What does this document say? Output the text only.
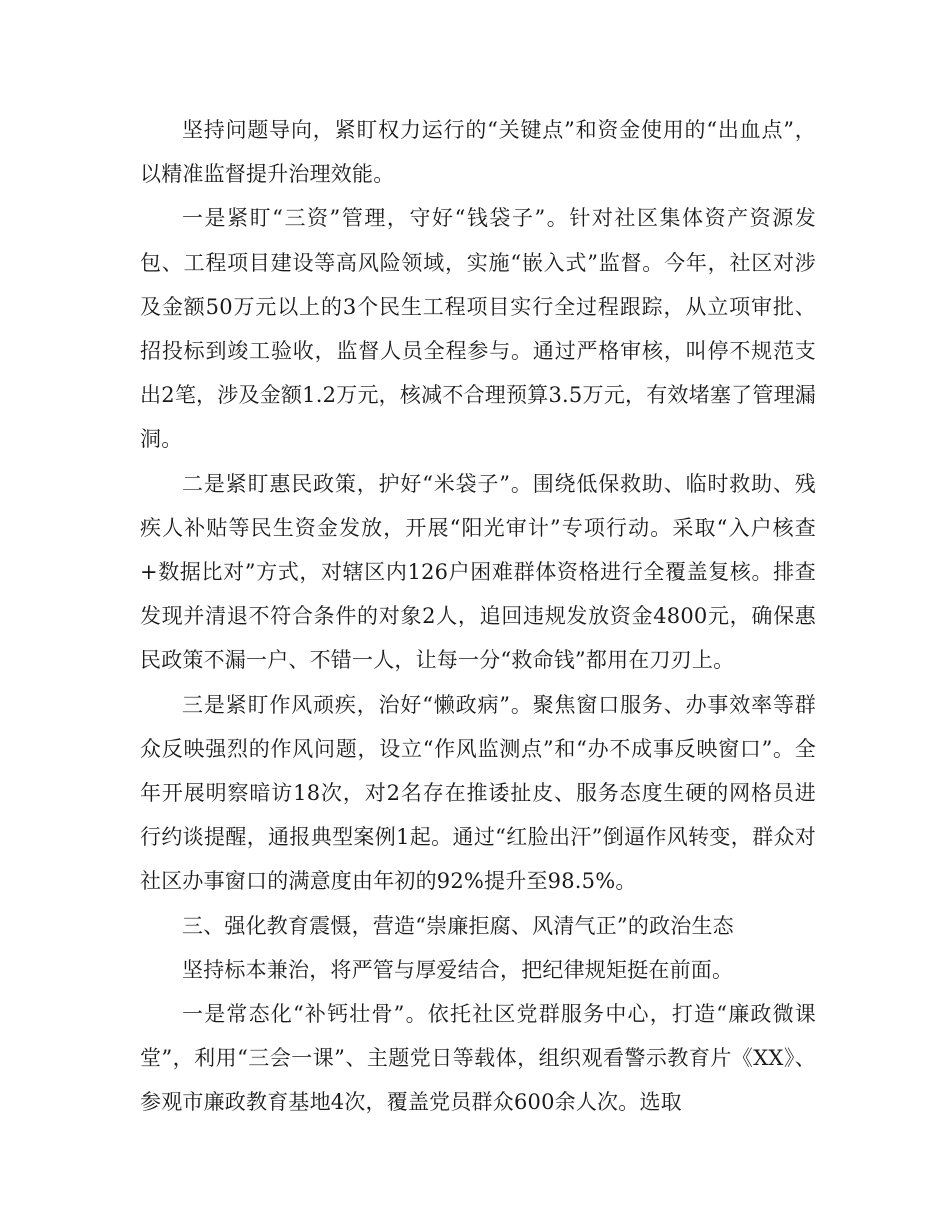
坚持问题导向，紧盯权力运行的“关键点”和资金使用的“出血点”，以精准监督提升治理效能。

一是紧盯“三资”管理，守好“钱袋子”。针对社区集体资产资源发包、工程项目建设等高风险领域，实施“嵌入式”监督。今年，社区对涉及金额50万元以上的3个民生工程项目实行全过程跟踪，从立项审批、招投标到竣工验收，监督人员全程参与。通过严格审核，叫停不规范支出2笔，涉及金额1.2万元，核减不合理预算3.5万元，有效堵塞了管理漏洞。

二是紧盯惠民政策，护好“米袋子”。围绕低保救助、临时救助、残疾人补贴等民生资金发放，开展“阳光审计”专项行动。采取“入户核查+数据比对”方式，对辖区内126户困难群体资格进行全覆盖复核。排查发现并清退不符合条件的对象2人，追回违规发放资金4800元，确保惠民政策不漏一户、不错一人，让每一分“救命钱”都用在刀刃上。

三是紧盯作风顽疾，治好“懒政病”。聚焦窗口服务、办事效率等群众反映强烈的作风问题，设立“作风监测点”和“办不成事反映窗口”。全年开展明察暗访18次，对2名存在推诿扯皮、服务态度生硬的网格员进行约谈提醒，通报典型案例1起。通过“红脸出汗”倒逼作风转变，群众对社区办事窗口的满意度由年初的92%提升至98.5%。

三、强化教育震慑，营造“崇廉拒腐、风清气正”的政治生态

坚持标本兼治，将严管与厚爱结合，把纪律规矩挺在前面。

一是常态化“补钙壮骨”。依托社区党群服务中心，打造“廉政微课堂”，利用“三会一课”、主题党日等载体，组织观看警示教育片《XX》、参观市廉政教育基地4次，覆盖党员群众600余人次。选取
